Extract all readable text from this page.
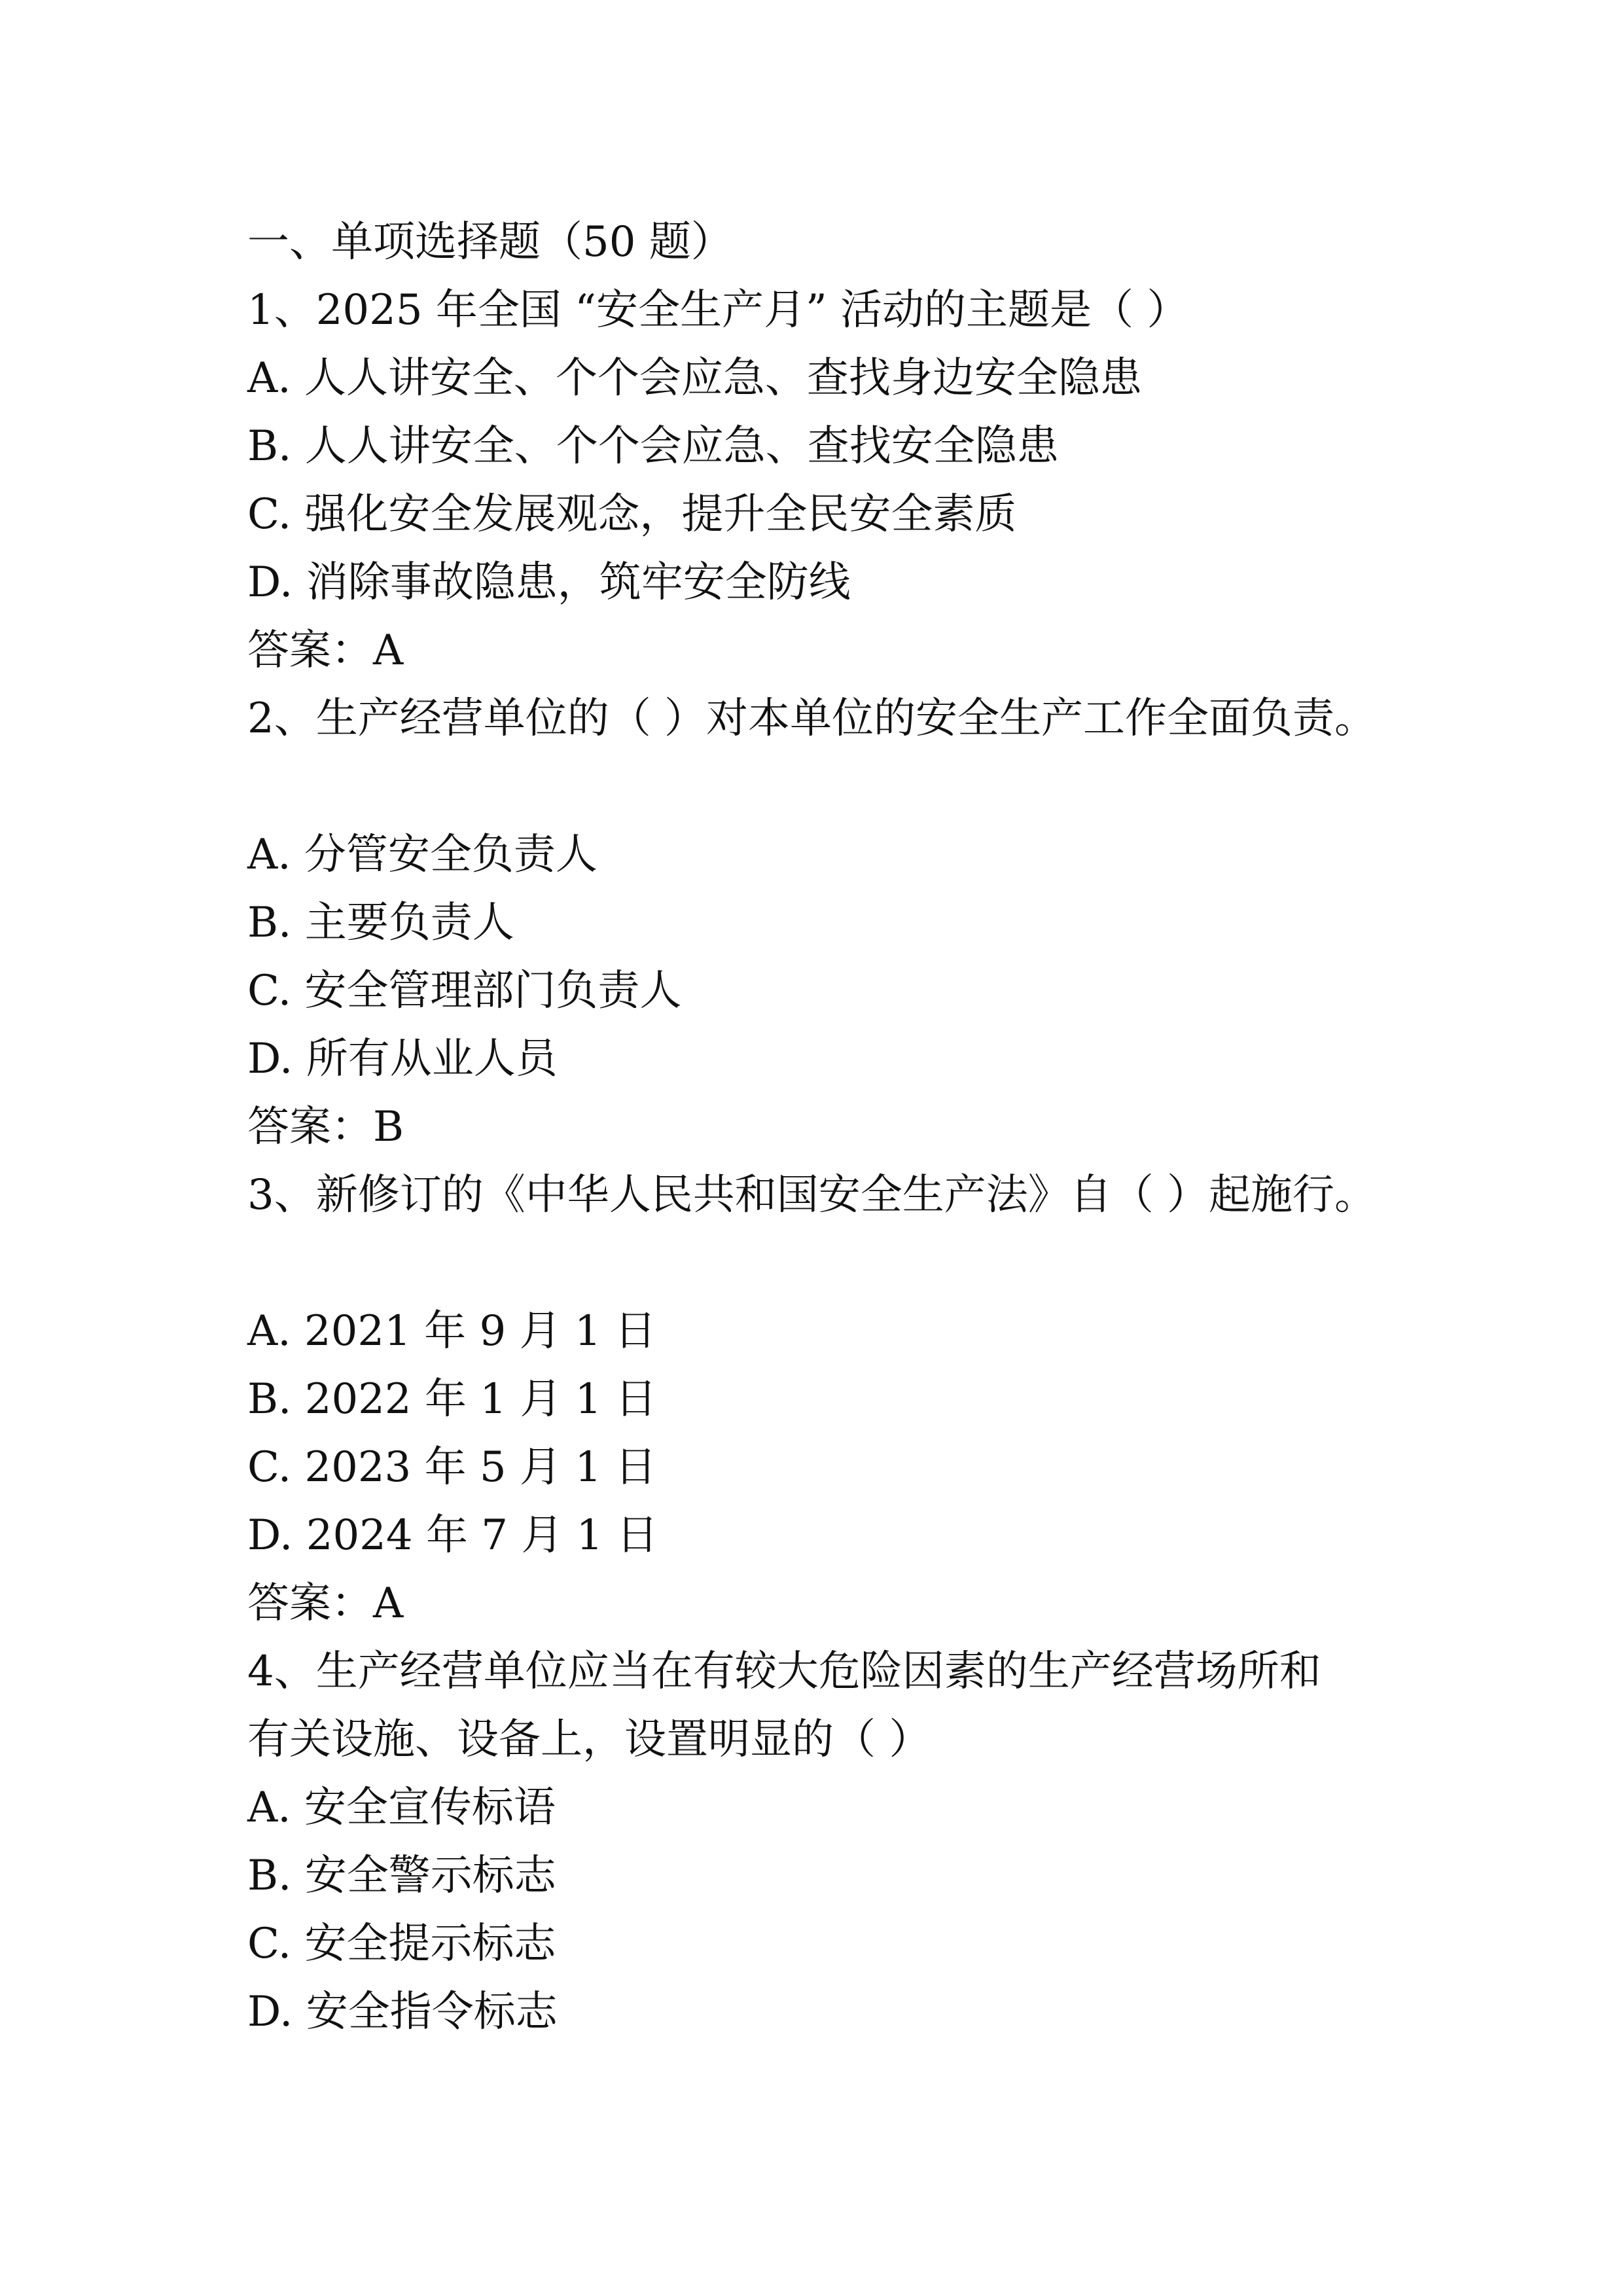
一、单项选择题（50 题）
1、2025 年全国 “安全生产月” 活动的主题是（ ）
A. 人人讲安全、个个会应急、查找身边安全隐患
B. 人人讲安全、个个会应急、查找安全隐患
C. 强化安全发展观念，提升全民安全素质
D. 消除事故隐患，筑牢安全防线
答案：A
2、生产经营单位的（ ）对本单位的安全生产工作全面负责。
A. 分管安全负责人
B. 主要负责人
C. 安全管理部门负责人
D. 所有从业人员
答案：B
3、新修订的《中华人民共和国安全生产法》自（ ）起施行。
A. 2021 年 9 月 1 日
B. 2022 年 1 月 1 日
C. 2023 年 5 月 1 日
D. 2024 年 7 月 1 日
答案：A
4、生产经营单位应当在有较大危险因素的生产经营场所和
有关设施、设备上，设置明显的（ ）
A. 安全宣传标语
B. 安全警示标志
C. 安全提示标志
D. 安全指令标志
